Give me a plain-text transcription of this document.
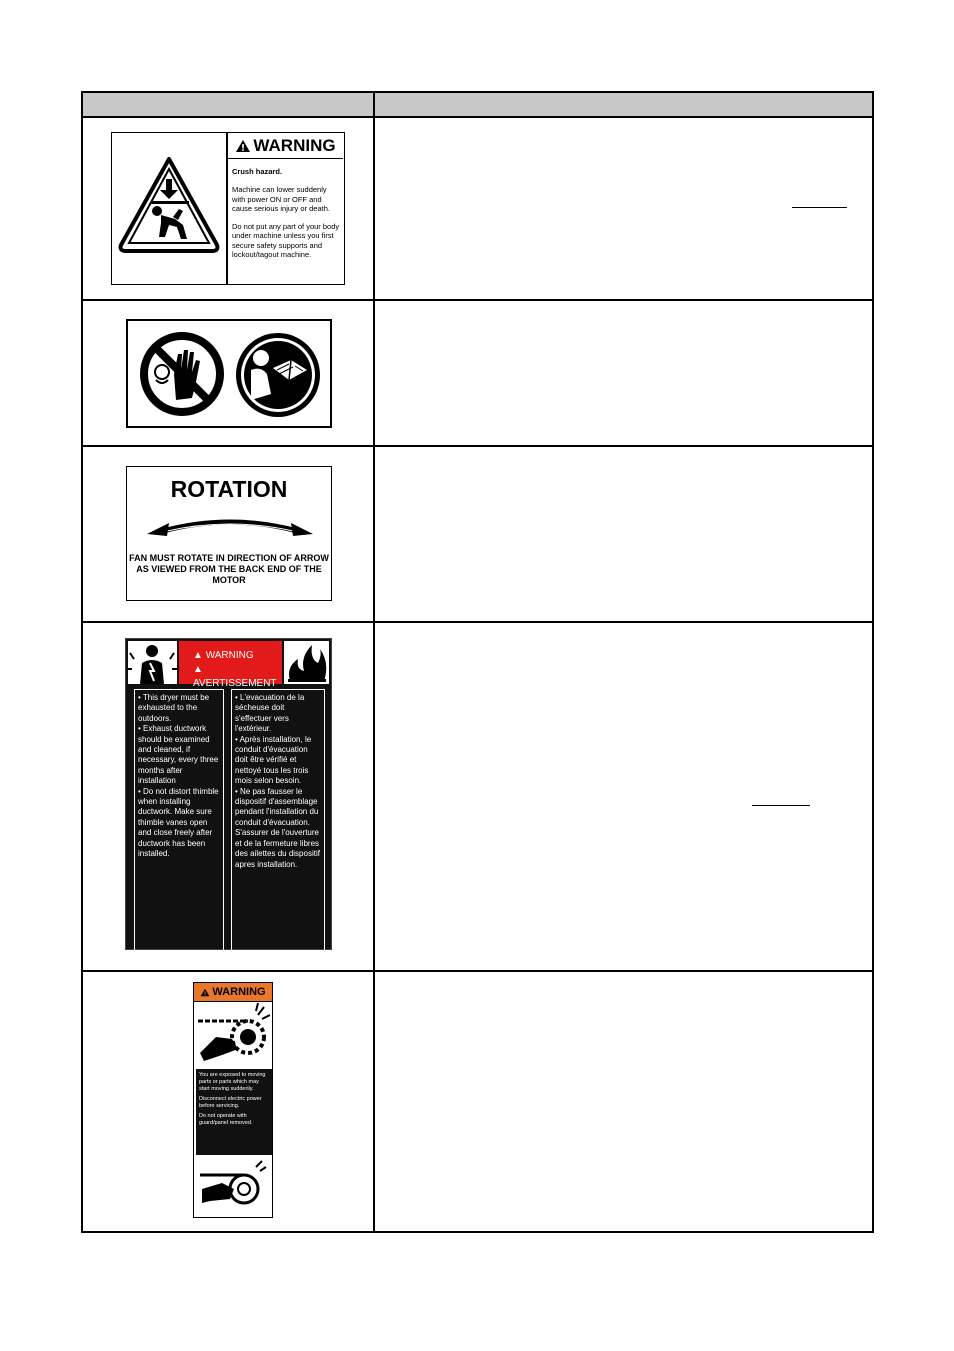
WARNING

Crush hazard.

Machine can lower suddenly with power ON or OFF and cause serious injury or death.

Do not put any part of your body under machine unless you first secure safety supports and lockout/tagout machine.

ROTATION
FAN MUST ROTATE IN DIRECTION OF ARROW AS VIEWED FROM THE BACK END OF THE MOTOR
▲ WARNING
▲ AVERTISSEMENT
• This dryer must be exhausted to the outdoors.
• Exhaust ductwork should be examined and cleaned, if necessary, every three months after installation
• Do not distort thimble when installing ductwork. Make sure thimble vanes open and close freely after ductwork has been installed.
• L'evacuation de la sécheuse doit s'effectuer vers l'extérieur.
• Après installation, le conduit d'évacuation doit être vérifié et nettoyé tous les trois mois selon besoin.
• Ne pas fausser le dispositif d'assemblage pendant l'installation du conduit d'évacuation. S'assurer de l'ouverture et de la fermeture libres des ailettes du dispositif apres installation.
WARNING

You are exposed to moving parts or parts which may start moving suddenly.

Disconnect electric power before servicing.

Do not operate with guard/panel removed.
